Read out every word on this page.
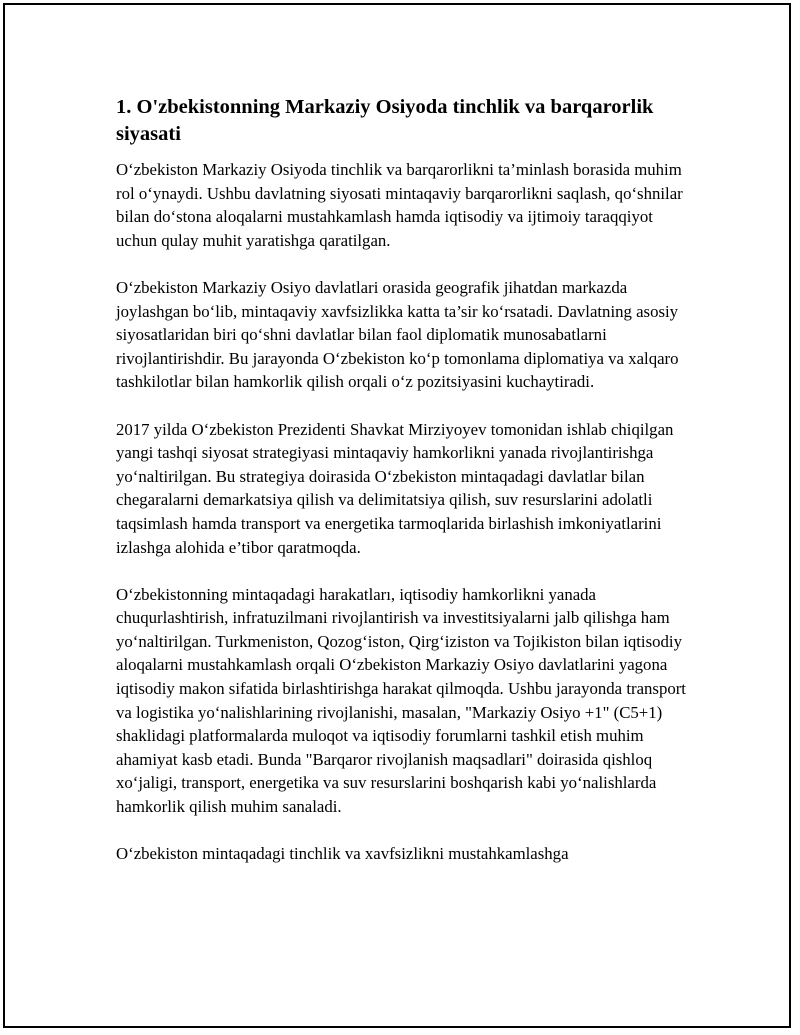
1. O'zbekistonning Markaziy Osiyoda tinchlik va barqarorlik siyasati

O‘zbekiston Markaziy Osiyoda tinchlik va barqarorlikni ta’minlash borasida muhim rol o‘ynaydi. Ushbu davlatning siyosati mintaqaviy barqarorlikni saqlash, qo‘shnilar bilan do‘stona aloqalarni mustahkamlash hamda iqtisodiy va ijtimoiy taraqqiyot uchun qulay muhit yaratishga qaratilgan.

O‘zbekiston Markaziy Osiyo davlatlari orasida geografik jihatdan markazda joylashgan bo‘lib, mintaqaviy xavfsizlikka katta ta’sir ko‘rsatadi. Davlatning asosiy siyosatlaridan biri qo‘shni davlatlar bilan faol diplomatik munosabatlarni rivojlantirishdir. Bu jarayonda O‘zbekiston ko‘p tomonlama diplomatiya va xalqaro tashkilotlar bilan hamkorlik qilish orqali o‘z pozitsiyasini kuchaytiradi.

2017 yilda O‘zbekiston Prezidenti Shavkat Mirziyoyev tomonidan ishlab chiqilgan yangi tashqi siyosat strategiyasi mintaqaviy hamkorlikni yanada rivojlantirishga yo‘naltirilgan. Bu strategiya doirasida O‘zbekiston mintaqadagi davlatlar bilan chegaralarni demarkatsiya qilish va delimitatsiya qilish, suv resurslarini adolatli taqsimlash hamda transport va energetika tarmoqlarida birlashish imkoniyatlarini izlashga alohida e’tibor qaratmoqda.

O‘zbekistonning mintaqadagi harakatları, iqtisodiy hamkorlikni yanada chuqurlashtirish, infratuzilmani rivojlantirish va investitsiyalarni jalb qilishga ham yo‘naltirilgan. Turkmeniston, Qozog‘iston, Qirg‘iziston va Tojikiston bilan iqtisodiy aloqalarni mustahkamlash orqali O‘zbekiston Markaziy Osiyo davlatlarini yagona iqtisodiy makon sifatida birlashtirishga harakat qilmoqda. Ushbu jarayonda transport va logistika yo‘nalishlarining rivojlanishi, masalan, "Markaziy Osiyo +1" (C5+1) shaklidagi platformalarda muloqot va iqtisodiy forumlarni tashkil etish muhim ahamiyat kasb etadi. Bunda "Barqaror rivojlanish maqsadlari" doirasida qishloq xo‘jaligi, transport, energetika va suv resurslarini boshqarish kabi yo‘nalishlarda hamkorlik qilish muhim sanaladi.

O‘zbekiston mintaqadagi tinchlik va xavfsizlikni mustahkamlashga
